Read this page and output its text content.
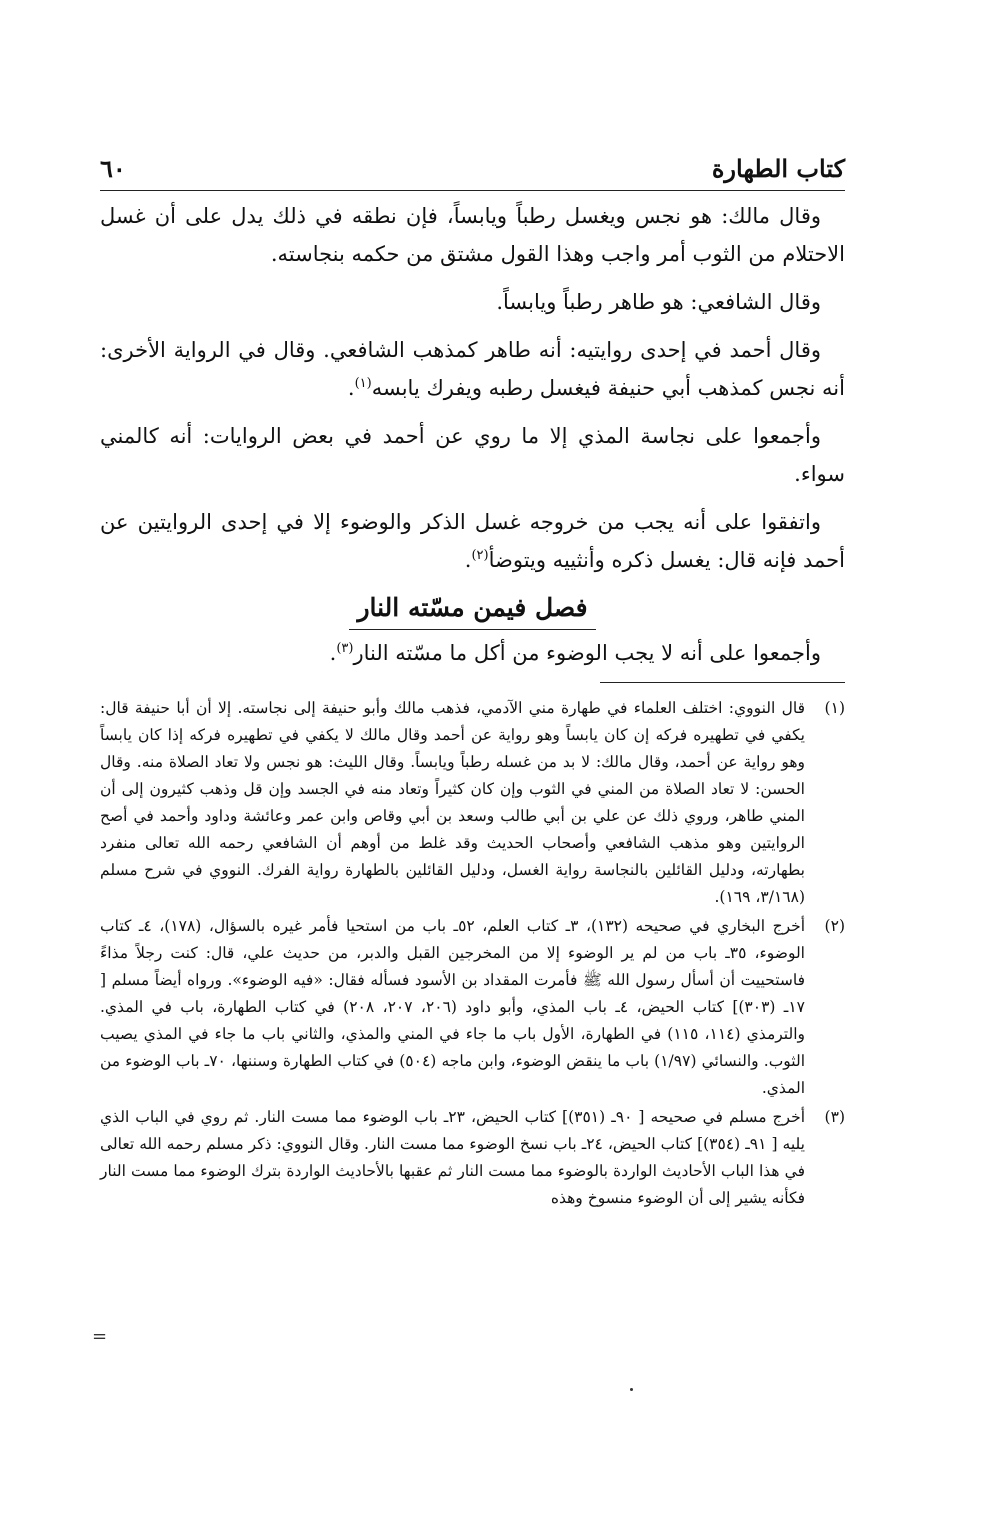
كتاب الطهارة
٦٠

وقال مالك: هو نجس ويغسل رطباً ويابساً، فإن نطقه في ذلك يدل على أن غسل الاحتلام من الثوب أمر واجب وهذا القول مشتق من حكمه بنجاسته.

وقال الشافعي: هو طاهر رطباً ويابساً.

وقال أحمد في إحدى روايتيه: أنه طاهر كمذهب الشافعي. وقال في الرواية الأخرى: أنه نجس كمذهب أبي حنيفة فيغسل رطبه ويفرك يابسه$^{(١)}$.

وأجمعوا على نجاسة المذي إلا ما روي عن أحمد في بعض الروايات: أنه كالمني سواء.

واتفقوا على أنه يجب من خروجه غسل الذكر والوضوء إلا في إحدى الروايتين عن أحمد فإنه قال: يغسل ذكره وأنثييه ويتوضأ$^{(٢)}$.

فصل فيمن مسّته النار

وأجمعوا على أنه لا يجب الوضوء من أكل ما مسّته النار$^{(٣)}$.

(١)
قال النووي: اختلف العلماء في طهارة مني الآدمي، فذهب مالك وأبو حنيفة إلى نجاسته. إلا أن أبا حنيفة قال: يكفي في تطهيره فركه إن كان يابساً وهو رواية عن أحمد وقال مالك لا يكفي في تطهيره فركه إذا كان يابساً وهو رواية عن أحمد، وقال مالك: لا بد من غسله رطباً ويابساً. وقال الليث: هو نجس ولا تعاد الصلاة منه. وقال الحسن: لا تعاد الصلاة من المني في الثوب وإن كان كثيراً وتعاد منه في الجسد وإن قل وذهب كثيرون إلى أن المني طاهر، وروي ذلك عن علي بن أبي طالب وسعد بن أبي وقاص وابن عمر وعائشة وداود وأحمد في أصح الروايتين وهو مذهب الشافعي وأصحاب الحديث وقد غلط من أوهم أن الشافعي رحمه الله تعالى منفرد بطهارته، ودليل القائلين بالنجاسة رواية الغسل، ودليل القائلين بالطهارة رواية الفرك. النووي في شرح مسلم (٣/١٦٨، ١٦٩).
(٢)
أخرج البخاري في صحيحه (١٣٢)، ٣ـ كتاب العلم، ٥٢ـ باب من استحيا فأمر غيره بالسؤال، (١٧٨)، ٤ـ كتاب الوضوء، ٣٥ـ باب من لم ير الوضوء إلا من المخرجين القبل والدبر، من حديث علي، قال: كنت رجلاً مذاءً فاستحييت أن أسأل رسول الله ﷺ فأمرت المقداد بن الأسود فسأله فقال: «فيه الوضوء». ورواه أيضاً مسلم [ ١٧ـ (٣٠٣)] كتاب الحيض، ٤ـ باب المذي، وأبو داود (٢٠٦، ٢٠٧، ٢٠٨) في كتاب الطهارة، باب في المذي. والترمذي (١١٤، ١١٥) في الطهارة، الأول باب ما جاء في المني والمذي، والثاني باب ما جاء في المذي يصيب الثوب. والنسائي (١/٩٧) باب ما ينقض الوضوء، وابن ماجه (٥٠٤) في كتاب الطهارة وسننها، ٧٠ـ باب الوضوء من المذي.
(٣)
أخرج مسلم في صحيحه [ ٩٠ـ (٣٥١)] كتاب الحيض، ٢٣ـ باب الوضوء مما مست النار. ثم روي في الباب الذي يليه [ ٩١ـ (٣٥٤)] كتاب الحيض، ٢٤ـ باب نسخ الوضوء مما مست النار. وقال النووي: ذكر مسلم رحمه الله تعالى في هذا الباب الأحاديث الواردة بالوضوء مما مست النار ثم عقبها بالأحاديث الواردة بترك الوضوء مما مست النار فكأنه يشير إلى أن الوضوء منسوخ وهذه
=
